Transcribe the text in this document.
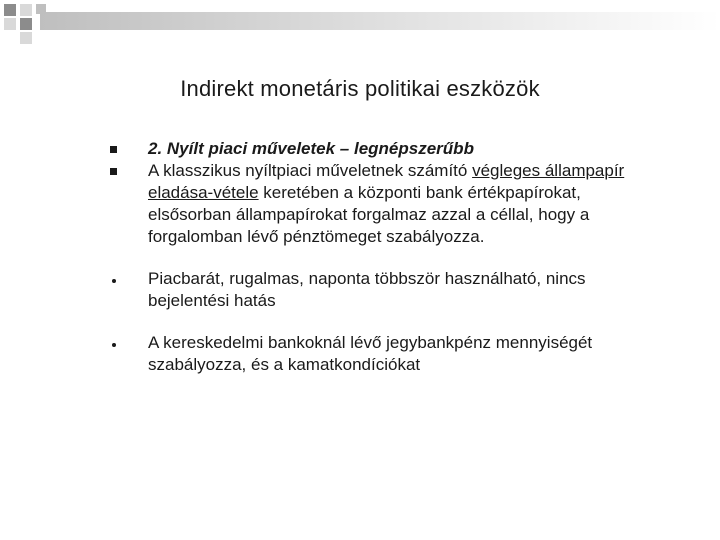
Indirekt monetáris politikai eszközök
2. Nyílt piaci műveletek – legnépszerűbb
A klasszikus nyíltpiaci műveletnek számító végleges állampapír eladása-vétele keretében a központi bank értékpapírokat, elsősorban állampapírokat forgalmaz azzal a céllal, hogy a forgalomban lévő pénztömeget szabályozza.
Piacbarát, rugalmas, naponta többször használható, nincs bejelentési hatás
A kereskedelmi bankoknál lévő jegybankpénz mennyiségét szabályozza, és a kamatkondíciókat
